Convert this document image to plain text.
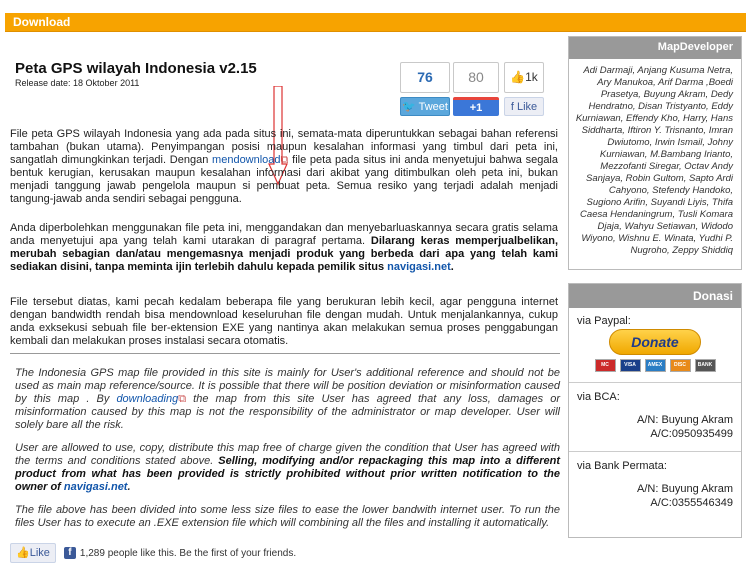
Download
Peta GPS wilayah Indonesia v2.15
Release date: 18 Oktober 2011	76
🐦 Tweet
80
+1
👍1k
f Like
File peta GPS wilayah Indonesia yang ada pada situs ini, semata-mata diperuntukkan sebagai bahan referensi tambahan (bukan utama). Penyimpangan posisi maupun kesalahan informasi yang timbul dari peta ini, sangatlah dimungkinkan terjadi. Dengan mendownload⧉ file peta pada situs ini anda menyetujui bahwa segala bentuk kerugian, kerusakan maupun kesalahan informasi dari akibat yang ditimbulkan oleh peta ini, bukan menjadi tanggung jawab pengelola maupun si pembuat peta. Semua resiko yang terjadi adalah menjadi tangung-jawab anda sendiri sebagai pengguna.
Anda diperbolehkan menggunakan file peta ini, menggandakan dan menyebarluaskannya secara gratis selama anda menyetujui apa yang telah kami utarakan di paragraf pertama. Dilarang keras memperjualbelikan, merubah sebagian dan/atau mengemasnya menjadi produk yang berbeda dari apa yang telah kami sediakan disini, tanpa meminta ijin terlebih dahulu kepada pemilik situs navigasi.net.
File tersebut diatas, kami pecah kedalam beberapa file yang berukuran lebih kecil, agar pengguna internet dengan bandwidth rendah bisa mendownload keseluruhan file dengan mudah. Untuk menjalankannya, cukup anda exksekusi sebuah file ber-ektension EXE yang nantinya akan melakukan semua proses penggabungan kembali dan melakukan proses instalasi secara otomatis.
The Indonesia GPS map file provided in this site is mainly for User's additional reference and should not be used as main map reference/source. It is possible that there will be position deviation or misinformation caused by this map . By downloading⧉ the map from this site User has agreed that any loss, damages or misinformation caused by this map is not the responsibility of the administrator or map developer. User will solely bare all the risk.
User are allowed to use, copy, distribute this map free of charge given the condition that User has agreed with the terms and conditions stated above. Selling, modifying and/or repackaging this map into a different product from what has been provided is strictly prohibited without prior written notification to the owner of navigasi.net.
The file above has been divided into some less size files to ease the lower bandwith internet user. To run the files User has to execute an .EXE extension file which will combining all the files and installing it automatically.
👍Like	f 1,289 people like this. Be the first of your friends.
MapDeveloper
Adi Darmaji, Anjang Kusuma Netra, Ary Manukoa, Arif Darma ,Boedi Prasetya, Buyung Akram, Dedy Hendratno, Disan Tristyanto, Eddy Kurniawan, Effendy Kho, Harry, Hans Siddharta, Iftiron Y. Trisnanto, Imran Dwiutomo, Irwin Ismail, Johny Kurniawan, M.Bambang Irianto, Mezzofanti Siregar, Octav Andy Sanjaya, Robin Gultom, Sapto Ardi Cahyono, Stefendy Handoko, Sugiono Arifin, Suyandi Liyis, Thifa Caesa Hendaningrum, Tusli Komara Djaja, Wahyu Setiawan, Widodo Wiyono, Wishnu E. Winata, Yudhi P. Nugroho, Zeppy Shiddiq
Donasi
via Paypal:
Donate
MC	VISA	AMEX	DISC	BANK
via BCA:
A/N: Buyung Akram
A/C:0950935499
via Bank Permata:
A/N: Buyung Akram
A/C:0355546349
